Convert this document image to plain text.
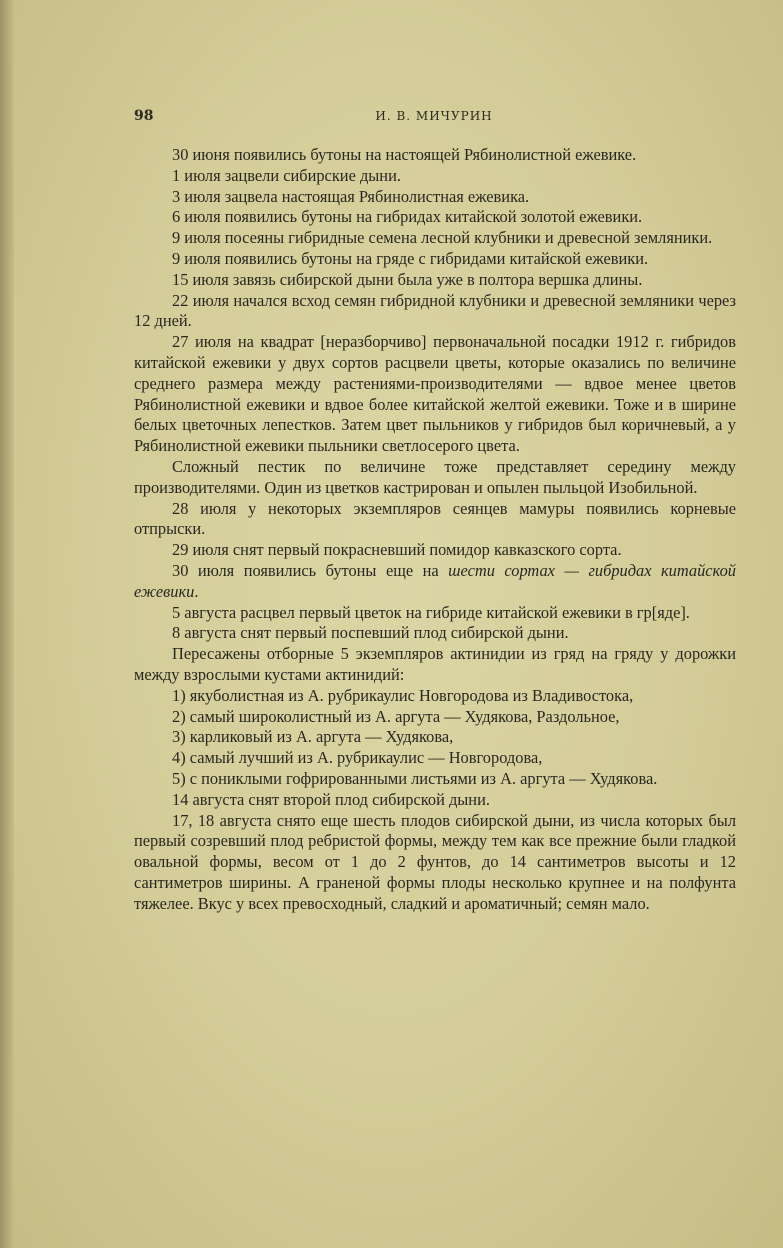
98	И. В. МИЧУРИН

30 июня появились бутоны на настоящей Рябинолистной ежевике.

1 июля зацвели сибирские дыни.

3 июля зацвела настоящая Рябинолистная ежевика.

6 июля появились бутоны на гибридах китайской золотой ежевики.

9 июля посеяны гибридные семена лесной клубники и древесной земляники.

9 июля появились бутоны на гряде с гибридами китайской ежевики.

15 июля завязь сибирской дыни была уже в полтора вершка длины.

22 июля начался всход семян гибридной клубники и древесной земляники через 12 дней.

27 июля на квадрат [неразборчиво] первоначальной посадки 1912 г. гибридов китайской ежевики у двух сортов расцвели цветы, которые оказались по величине среднего размера между растениями-производителями — вдвое менее цветов Рябинолистной ежевики и вдвое более китайской желтой ежевики. Тоже и в ширине белых цветочных лепестков. Затем цвет пыльников у гибридов был коричневый, а у Рябинолистной ежевики пыльники светлосерого цвета.

Сложный пестик по величине тоже представляет середину между производителями. Один из цветков кастрирован и опылен пыльцой Изобильной.

28 июля у некоторых экземпляров сеянцев мамуры появились корневые отпрыски.

29 июля снят первый покрасневший помидор кавказского сорта.

30 июля появились бутоны еще на шести сортах — гибридах китайской ежевики.

5 августа расцвел первый цветок на гибриде китайской ежевики в гр[яде].

8 августа снят первый поспевший плод сибирской дыни.

Пересажены отборные 5 экземпляров актинидии из гряд на гряду у дорожки между взрослыми кустами актинидий:

1) якуболистная из А. рубрикаулис Новгородова из Владивостока,

2) самый широколистный из А. аргута — Худякова, Раздольное,

3) карликовый из А. аргута — Худякова,

4) самый лучший из А. рубрикаулис — Новгородова,

5) с пониклыми гофрированными листьями из А. аргута — Худякова.

14 августа снят второй плод сибирской дыни.

17, 18 августа снято еще шесть плодов сибирской дыни, из числа которых был первый созревший плод ребристой формы, между тем как все прежние были гладкой овальной формы, весом от 1 до 2 фунтов, до 14 сантиметров высоты и 12 сантиметров ширины. А граненой формы плоды несколько крупнее и на полфунта тяжелее. Вкус у всех превосходный, сладкий и ароматичный; семян мало.
